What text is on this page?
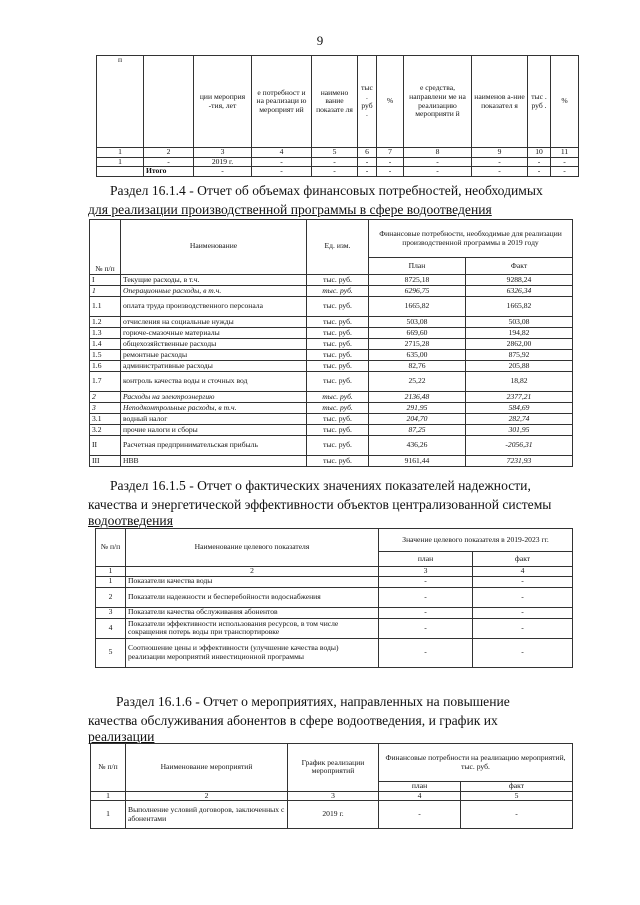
9
п		ции мероприя -тия, лет	е потребност и на реализаци ю мероприят ий	наимено вание показате ля	тыс . руб .	%	е средства, направлени ме на реализацию мероприяти й	наименов а-ние показател я	тыс . руб .	%
1	2	3	4	5	6	7	8	9	10	11
1	-	2019 г.	-	-	-	-	-	-	-	-
	Итого	-	-	-	-	-	-	-	-	-
Раздел 16.1.4 - Отчет об объемах финансовых потребностей, необходимых
для реализации производственной программы в сфере водоотведения
№ п/п	Наименование	Ед. изм.	Финансовые потребности, необходимые для реализации производственной программы в 2019 году	
			План	Факт
I	Текущие расходы, в т.ч.	тыс. руб.	8725,18	9288,24
1	Операционные расходы, в т.ч.	тыс. руб.	6296,75	6326,34
1.1	оплата труда производственного персонала	тыс. руб.	1665,82	1665,82
1.2	отчисления на социальные нужды	тыс. руб.	503,08	503,08
1.3	горюче-смазочные материалы	тыс. руб.	669,60	194,82
1.4	общехозяйственные расходы	тыс. руб.	2715,28	2862,00
1.5	ремонтные расходы	тыс. руб.	635,00	875,92
1.6	административные расходы	тыс. руб.	82,76	205,88
1.7	контроль качества воды и сточных вод	тыс. руб.	25,22	18,82
2	Расходы на электроэнергию	тыс. руб.	2136,48	2377,21
3	Неподконтрольные расходы, в т.ч.	тыс. руб.	291,95	584,69
3.1	водный налог	тыс. руб.	204,70	282,74
3.2	прочие налоги и сборы	тыс. руб.	87,25	301,95
II	Расчетная предпринимательская прибыль	тыс. руб.	436,26	-2056,31
III	НВВ	тыс. руб.	9161,44	7231,93
Раздел 16.1.5 - Отчет о фактических значениях показателей надежности,
качества и энергетической эффективности объектов централизованной системы
водоотведения
№ п/п	Наименование целевого показателя	Значение целевого показателя в 2019-2023 гг.	
		план	факт
1	2	3	4
1	Показатели качества воды	-	-
2	Показатели надежности и бесперебойности водоснабжения	-	-
3	Показатели качества обслуживания абонентов	-	-
4	Показатели эффективности использования ресурсов, в том числе сокращения потерь воды при транспортировке	-	-
5	Соотношение цены и эффективности (улучшение качества воды) реализации мероприятий инвестиционной программы	-	-
Раздел 16.1.6 - Отчет о мероприятиях, направленных на повышение
качества обслуживания абонентов в сфере водоотведения, и график их
реализации
№ п/п	Наименование мероприятий	График реализации мероприятий	Финансовые потребности на реализацию мероприятий, тыс. руб.	
			план	факт
1	2	3	4	5
1	Выполнение условий договоров, заключенных с абонентами	2019 г.	-	-
